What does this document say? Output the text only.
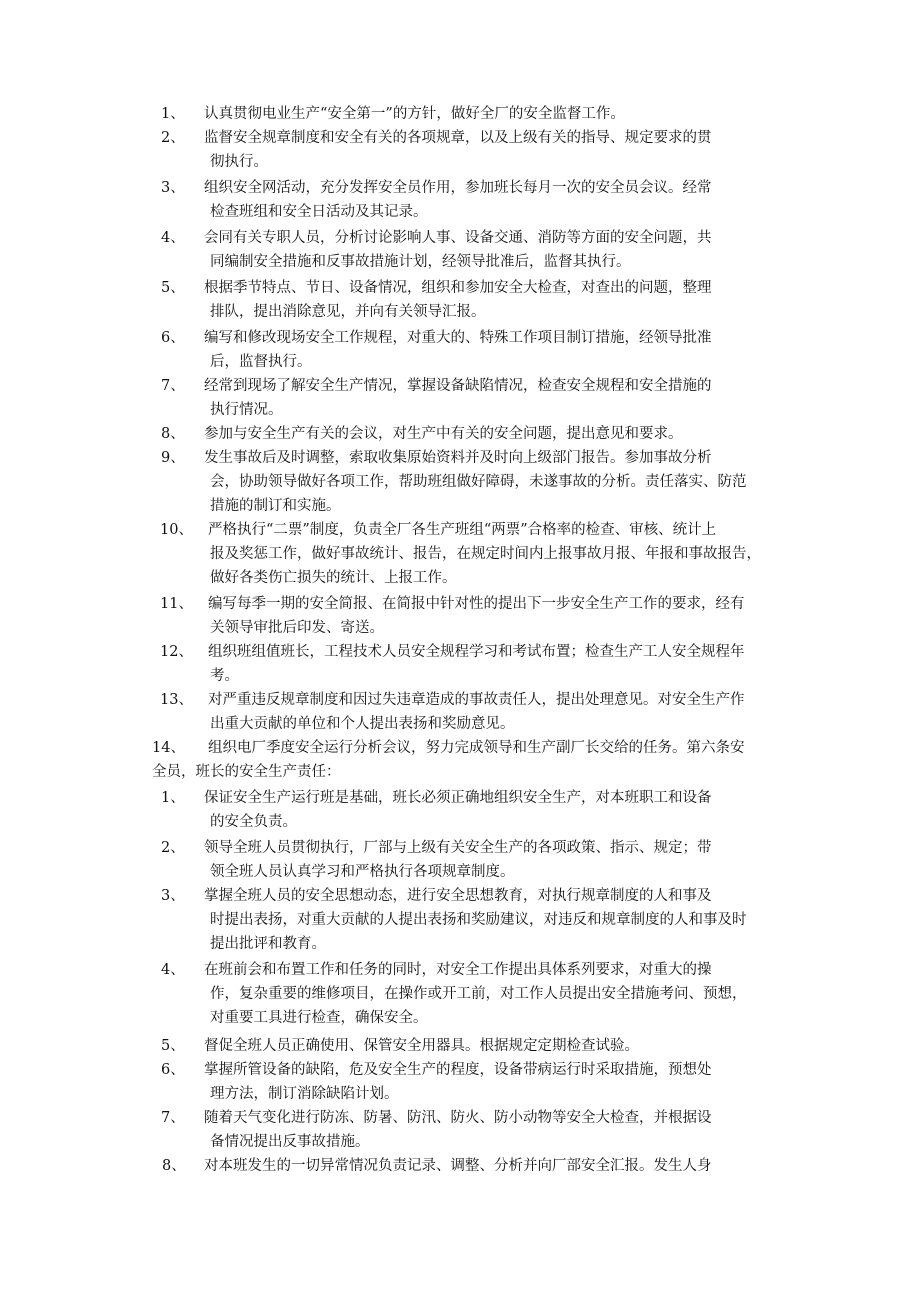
1、 认真贯彻电业生产“安全第一”的方针，做好全厂的安全监督工作。
2、 监督安全规章制度和安全有关的各项规章，以及上级有关的指导、规定要求的贯
彻执行。
3、 组织安全网活动，充分发挥安全员作用，参加班长每月一次的安全员会议。经常
检查班组和安全日活动及其记录。
4、 会同有关专职人员，分析讨论影响人事、设备交通、消防等方面的安全问题，共
同编制安全措施和反事故措施计划，经领导批准后，监督其执行。
5、 根据季节特点、节日、设备情况，组织和参加安全大检查，对查出的问题，整理
排队，提出消除意见，并向有关领导汇报。
6、 编写和修改现场安全工作规程，对重大的、特殊工作项目制订措施，经领导批准
后，监督执行。
7、 经常到现场了解安全生产情况，掌握设备缺陷情况，检查安全规程和安全措施的
执行情况。
8、 参加与安全生产有关的会议，对生产中有关的安全问题，提出意见和要求。
9、 发生事故后及时调整，索取收集原始资料并及时向上级部门报告。参加事故分析
会，协助领导做好各项工作，帮助班组做好障碍，未遂事故的分析。责任落实、防范
措施的制订和实施。
10、 严格执行“二票”制度，负责全厂各生产班组“两票”合格率的检查、审核、统计上
报及奖惩工作，做好事故统计、报告，在规定时间内上报事故月报、年报和事故报告，
做好各类伤亡损失的统计、上报工作。
11、 编写每季一期的安全简报、在简报中针对性的提出下一步安全生产工作的要求，经有
关领导审批后印发、寄送。
12、 组织班组值班长，工程技术人员安全规程学习和考试布置；检查生产工人安全规程年
考。
13、 对严重违反规章制度和因过失违章造成的事故责任人，提出处理意见。对安全生产作
出重大贡献的单位和个人提出表扬和奖励意见。
14、 组织电厂季度安全运行分析会议，努力完成领导和生产副厂长交给的任务。第六条安
全员，班长的安全生产责任：
1、 保证安全生产运行班是基础，班长必须正确地组织安全生产，对本班职工和设备
的安全负责。
2、 领导全班人员贯彻执行，厂部与上级有关安全生产的各项政策、指示、规定；带
领全班人员认真学习和严格执行各项规章制度。
3、 掌握全班人员的安全思想动态，进行安全思想教育，对执行规章制度的人和事及
时提出表扬，对重大贡献的人提出表扬和奖励建议，对违反和规章制度的人和事及时
提出批评和教育。
4、 在班前会和布置工作和任务的同时，对安全工作提出具体系列要求，对重大的操
作，复杂重要的维修项目，在操作或开工前，对工作人员提出安全措施考问、预想，
对重要工具进行检查，确保安全。
5、 督促全班人员正确使用、保管安全用器具。根据规定定期检查试验。
6、 掌握所管设备的缺陷，危及安全生产的程度，设备带病运行时采取措施，预想处
理方法，制订消除缺陷计划。
7、 随着天气变化进行防冻、防暑、防汛、防火、防小动物等安全大检查，并根据设
备情况提出反事故措施。
8、 对本班发生的一切异常情况负责记录、调整、分析并向厂部安全汇报。发生人身
